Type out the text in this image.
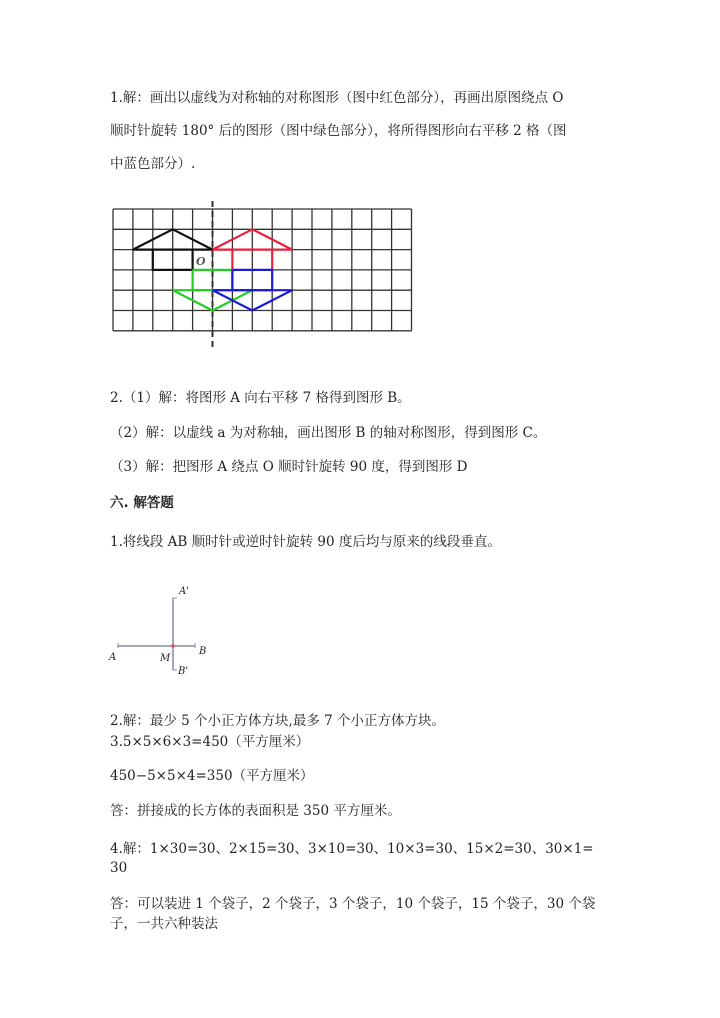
1.解：画出以虚线为对称轴的对称图形（图中红色部分），再画出原图绕点 O
顺时针旋转 180° 后的图形（图中绿色部分），将所得图形向右平移 2 格（图
中蓝色部分）.
O
2.（1）解：将图形 A 向右平移 7 格得到图形 B。
（2）解：以虚线 a 为对称轴，画出图形 B 的轴对称图形，得到图形 C。
（3）解：把图形 A 绕点 O 顺时针旋转 90 度，得到图形 D
六. 解答题
1.将线段 AB 顺时针或逆时针旋转 90 度后均与原来的线段垂直。
A
B
M
A'
B'
2.解：最少 5 个小正方体方块,最多 7 个小正方体方块。
3.5×5×6×3=450（平方厘米）
450−5×5×4=350（平方厘米）
答：拼接成的长方体的表面积是 350 平方厘米。
4.解：1×30=30、2×15=30、3×10=30、10×3=30、15×2=30、30×1=
30
答：可以装进 1 个袋子，2 个袋子，3 个袋子，10 个袋子，15 个袋子，30 个袋
子，一共六种装法
